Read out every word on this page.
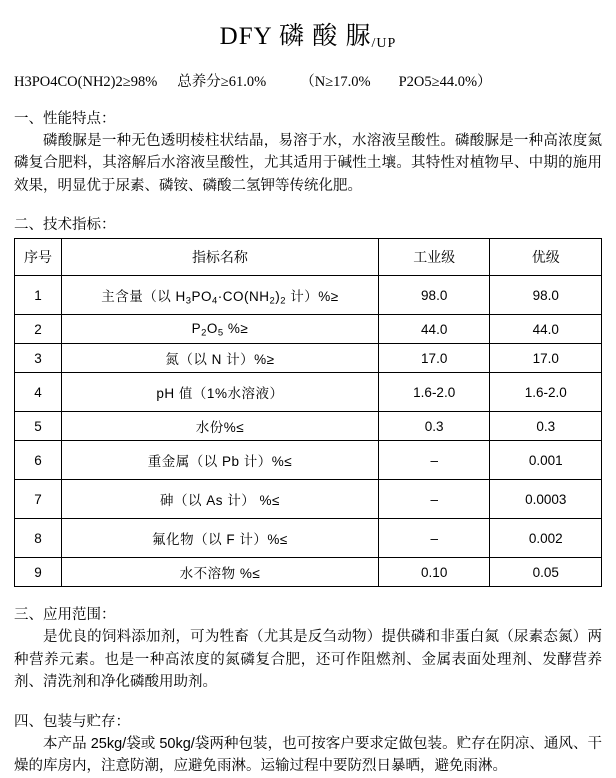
DFY 磷 酸 脲/UP
H3PO4CO(NH2)2≥98% 总养分≥61.0% （N≥17.0% P2O5≥44.0%）
一、性能特点：
磷酸脲是一种无色透明棱柱状结晶，易溶于水，水溶液呈酸性。磷酸脲是一种高浓度氮磷复合肥料，其溶解后水溶液呈酸性，尤其适用于碱性土壤。其特性对植物早、中期的施用效果，明显优于尿素、磷铵、磷酸二氢钾等传统化肥。
二、技术指标：
序号	指标名称	工业级	优级
1	主含量（以 $H_3PO_4\cdot CO(NH_2)_2$ 计）%≥	98.0	98.0
2	$P_2O_5$ %≥	44.0	44.0
3	氮（以 N 计）%≥	17.0	17.0
4	pH 值（1%水溶液）	1.6-2.0	1.6-2.0
5	水份%≤	0.3	0.3
6	重金属（以 Pb 计）%≤	–	0.001
7	砷（以 As 计） %≤	–	0.0003
8	氟化物（以 F 计）%≤	–	0.002
9	水不溶物 %≤	0.10	0.05
三、应用范围：
是优良的饲料添加剂，可为牲畜（尤其是反刍动物）提供磷和非蛋白氮（尿素态氮）两种营养元素。也是一种高浓度的氮磷复合肥，还可作阻燃剂、金属表面处理剂、发酵营养剂、清洗剂和净化磷酸用助剂。
四、包装与贮存：
本产品 25kg/袋或 50kg/袋两种包装，也可按客户要求定做包装。贮存在阴凉、通风、干燥的库房内，注意防潮，应避免雨淋。运输过程中要防烈日暴晒，避免雨淋。
